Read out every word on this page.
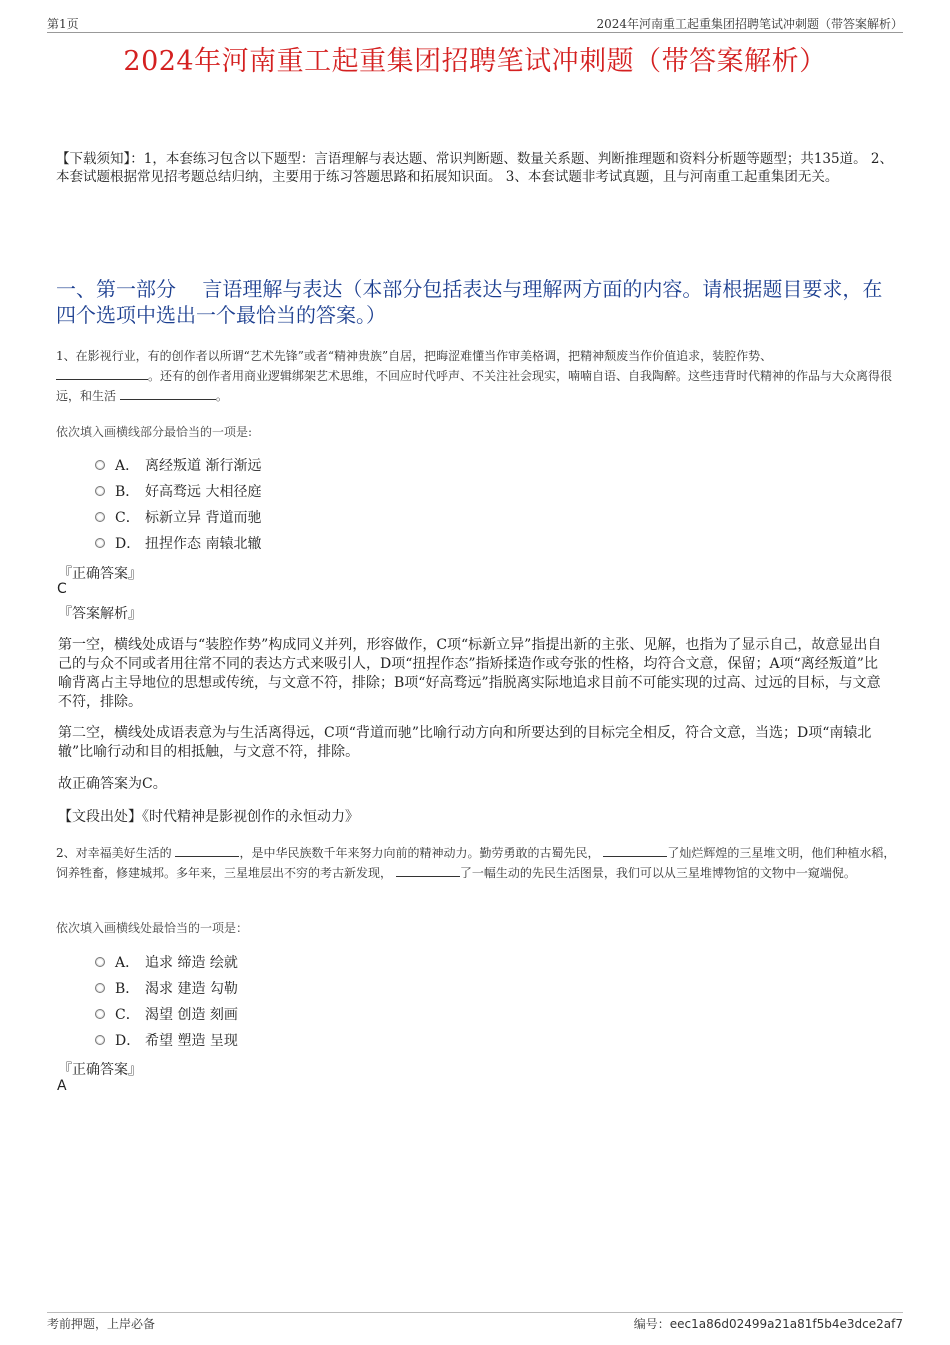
第1页	2024年河南重工起重集团招聘笔试冲刺题（带答案解析）
2024年河南重工起重集团招聘笔试冲刺题（带答案解析）
【下载须知】：1，本套练习包含以下题型：言语理解与表达题、常识判断题、数量关系题、判断推理题和资料分析题等题型；共135道。 2、本套试题根据常见招考题总结归纳，主要用于练习答题思路和拓展知识面。 3、本套试题非考试真题，且与河南重工起重集团无关。
一、第一部分　 言语理解与表达（本部分包括表达与理解两方面的内容。请根据题目要求，在四个选项中选出一个最恰当的答案。）
1、在影视行业，有的创作者以所谓“艺术先锋”或者“精神贵族”自居，把晦涩难懂当作审美格调，把精神颓废当作价值追求，装腔作势、
。还有的创作者用商业逻辑绑架艺术思维，不回应时代呼声、不关注社会现实，喃喃自语、自我陶醉。这些违背时代精神的作品与大众离得很远，和生活	。
依次填入画横线部分最恰当的一项是:
A． 离经叛道 渐行渐远
B． 好高骛远 大相径庭
C． 标新立异 背道而驰
D． 扭捏作态 南辕北辙
『正确答案』
C
『答案解析』
第一空，横线处成语与“装腔作势”构成同义并列，形容做作，C项“标新立异”指提出新的主张、见解，也指为了显示自己，故意显出自己的与众不同或者用往常不同的表达方式来吸引人，D项“扭捏作态”指矫揉造作或夸张的性格，均符合文意，保留；A项“离经叛道”比喻背离占主导地位的思想或传统，与文意不符，排除；B项“好高骛远”指脱离实际地追求目前不可能实现的过高、过远的目标，与文意不符，排除。
第二空，横线处成语表意为与生活离得远，C项“背道而驰”比喻行动方向和所要达到的目标完全相反，符合文意，当选；D项“南辕北辙”比喻行动和目的相抵触，与文意不符，排除。
故正确答案为C。
【文段出处】《时代精神是影视创作的永恒动力》
2、对幸福美好生活的	，是中华民族数千年来努力向前的精神动力。勤劳勇敢的古蜀先民，	了灿烂辉煌的三星堆文明，他们种植水稻，饲养牲畜，修建城邦。多年来，三星堆层出不穷的考古新发现，	了一幅生动的先民生活图景，我们可以从三星堆博物馆的文物中一窥端倪。
依次填入画横线处最恰当的一项是：
A． 追求 缔造 绘就
B． 渴求 建造 勾勒
C． 渴望 创造 刻画
D． 希望 塑造 呈现
『正确答案』
A
考前押题，上岸必备	编号：eec1a86d02499a21a81f5b4e3dce2af7
